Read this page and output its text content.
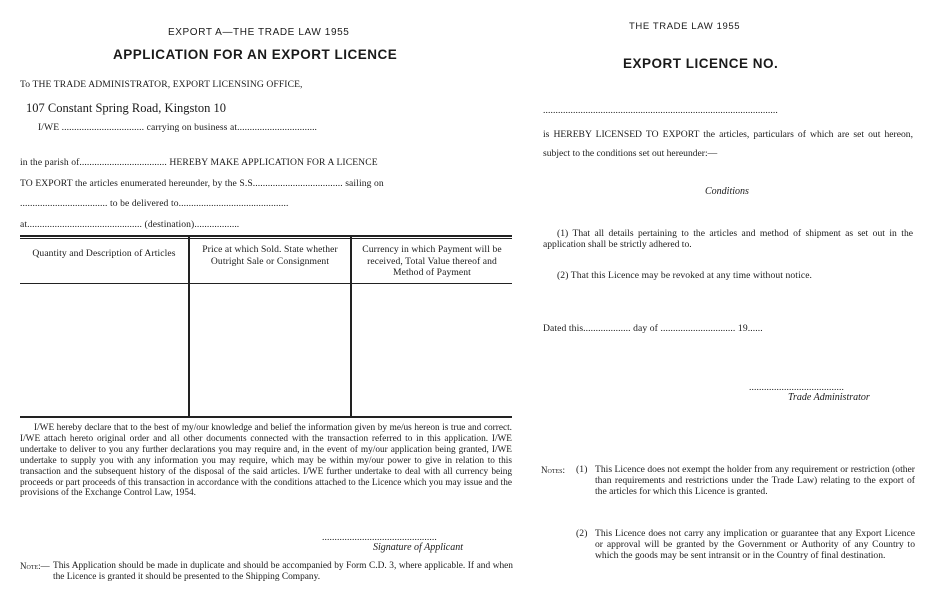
EXPORT A—THE TRADE LAW 1955
APPLICATION FOR AN EXPORT LICENCE
To THE TRADE ADMINISTRATOR, EXPORT LICENSING OFFICE,
107 Constant Spring Road, Kingston 10
I/WE ................................. carrying on business at................................
in the parish of................................... HEREBY MAKE APPLICATION FOR A LICENCE
TO EXPORT the articles enumerated hereunder, by the S.S.................................... sailing on
................................... to be delivered to............................................
at.............................................. (destination)..................
Quantity and Description of Articles	Price at which Sold. State whether Outright Sale or Consignment
Currency in which Payment will be received, Total Value thereof and Method of Payment
I/WE hereby declare that to the best of my/our knowledge and belief the information given by me/us hereon is true and correct. I/WE attach hereto original order and all other documents connected with the transaction referred to in this application. I/WE undertake to deliver to you any further declarations you may require and, in the event of my/our application being granted, I/WE undertake to supply you with any information you may require, which may be within my/our power to give in relation to this transaction and the subsequent history of the disposal of the said articles. I/WE further undertake to deal with all currency being proceeds or part proceeds of this transaction in accordance with the conditions attached to the Licence which you may issue and the provisions of the Exchange Control Law, 1954.
..............................................
Signature of Applicant
Note:— This Application should be made in duplicate and should be accompanied by Form C.D. 3, where applicable. If and when the Licence is granted it should be presented to the Shipping Company.
THE TRADE LAW 1955
EXPORT LICENCE NO.
..............................................................................................
is HEREBY LICENSED TO EXPORT the articles, particulars of which are set out hereon, subject to the conditions set out hereunder:—
Conditions
(1) That all details pertaining to the articles and method of shipment as set out in the application shall be strictly adhered to.
(2) That this Licence may be revoked at any time without notice.
Dated this................... day of .............................. 19......
......................................
Trade Administrator
Notes: (1) This Licence does not exempt the holder from any requirement or restriction (other than requirements and restrictions under the Trade Law) relating to the export of the articles for which this Licence is granted.
(2) This Licence does not carry any implication or guarantee that any Export Licence or approval will be granted by the Government or Authority of any Country to which the goods may be sent intransit or in the Country of final destination.
